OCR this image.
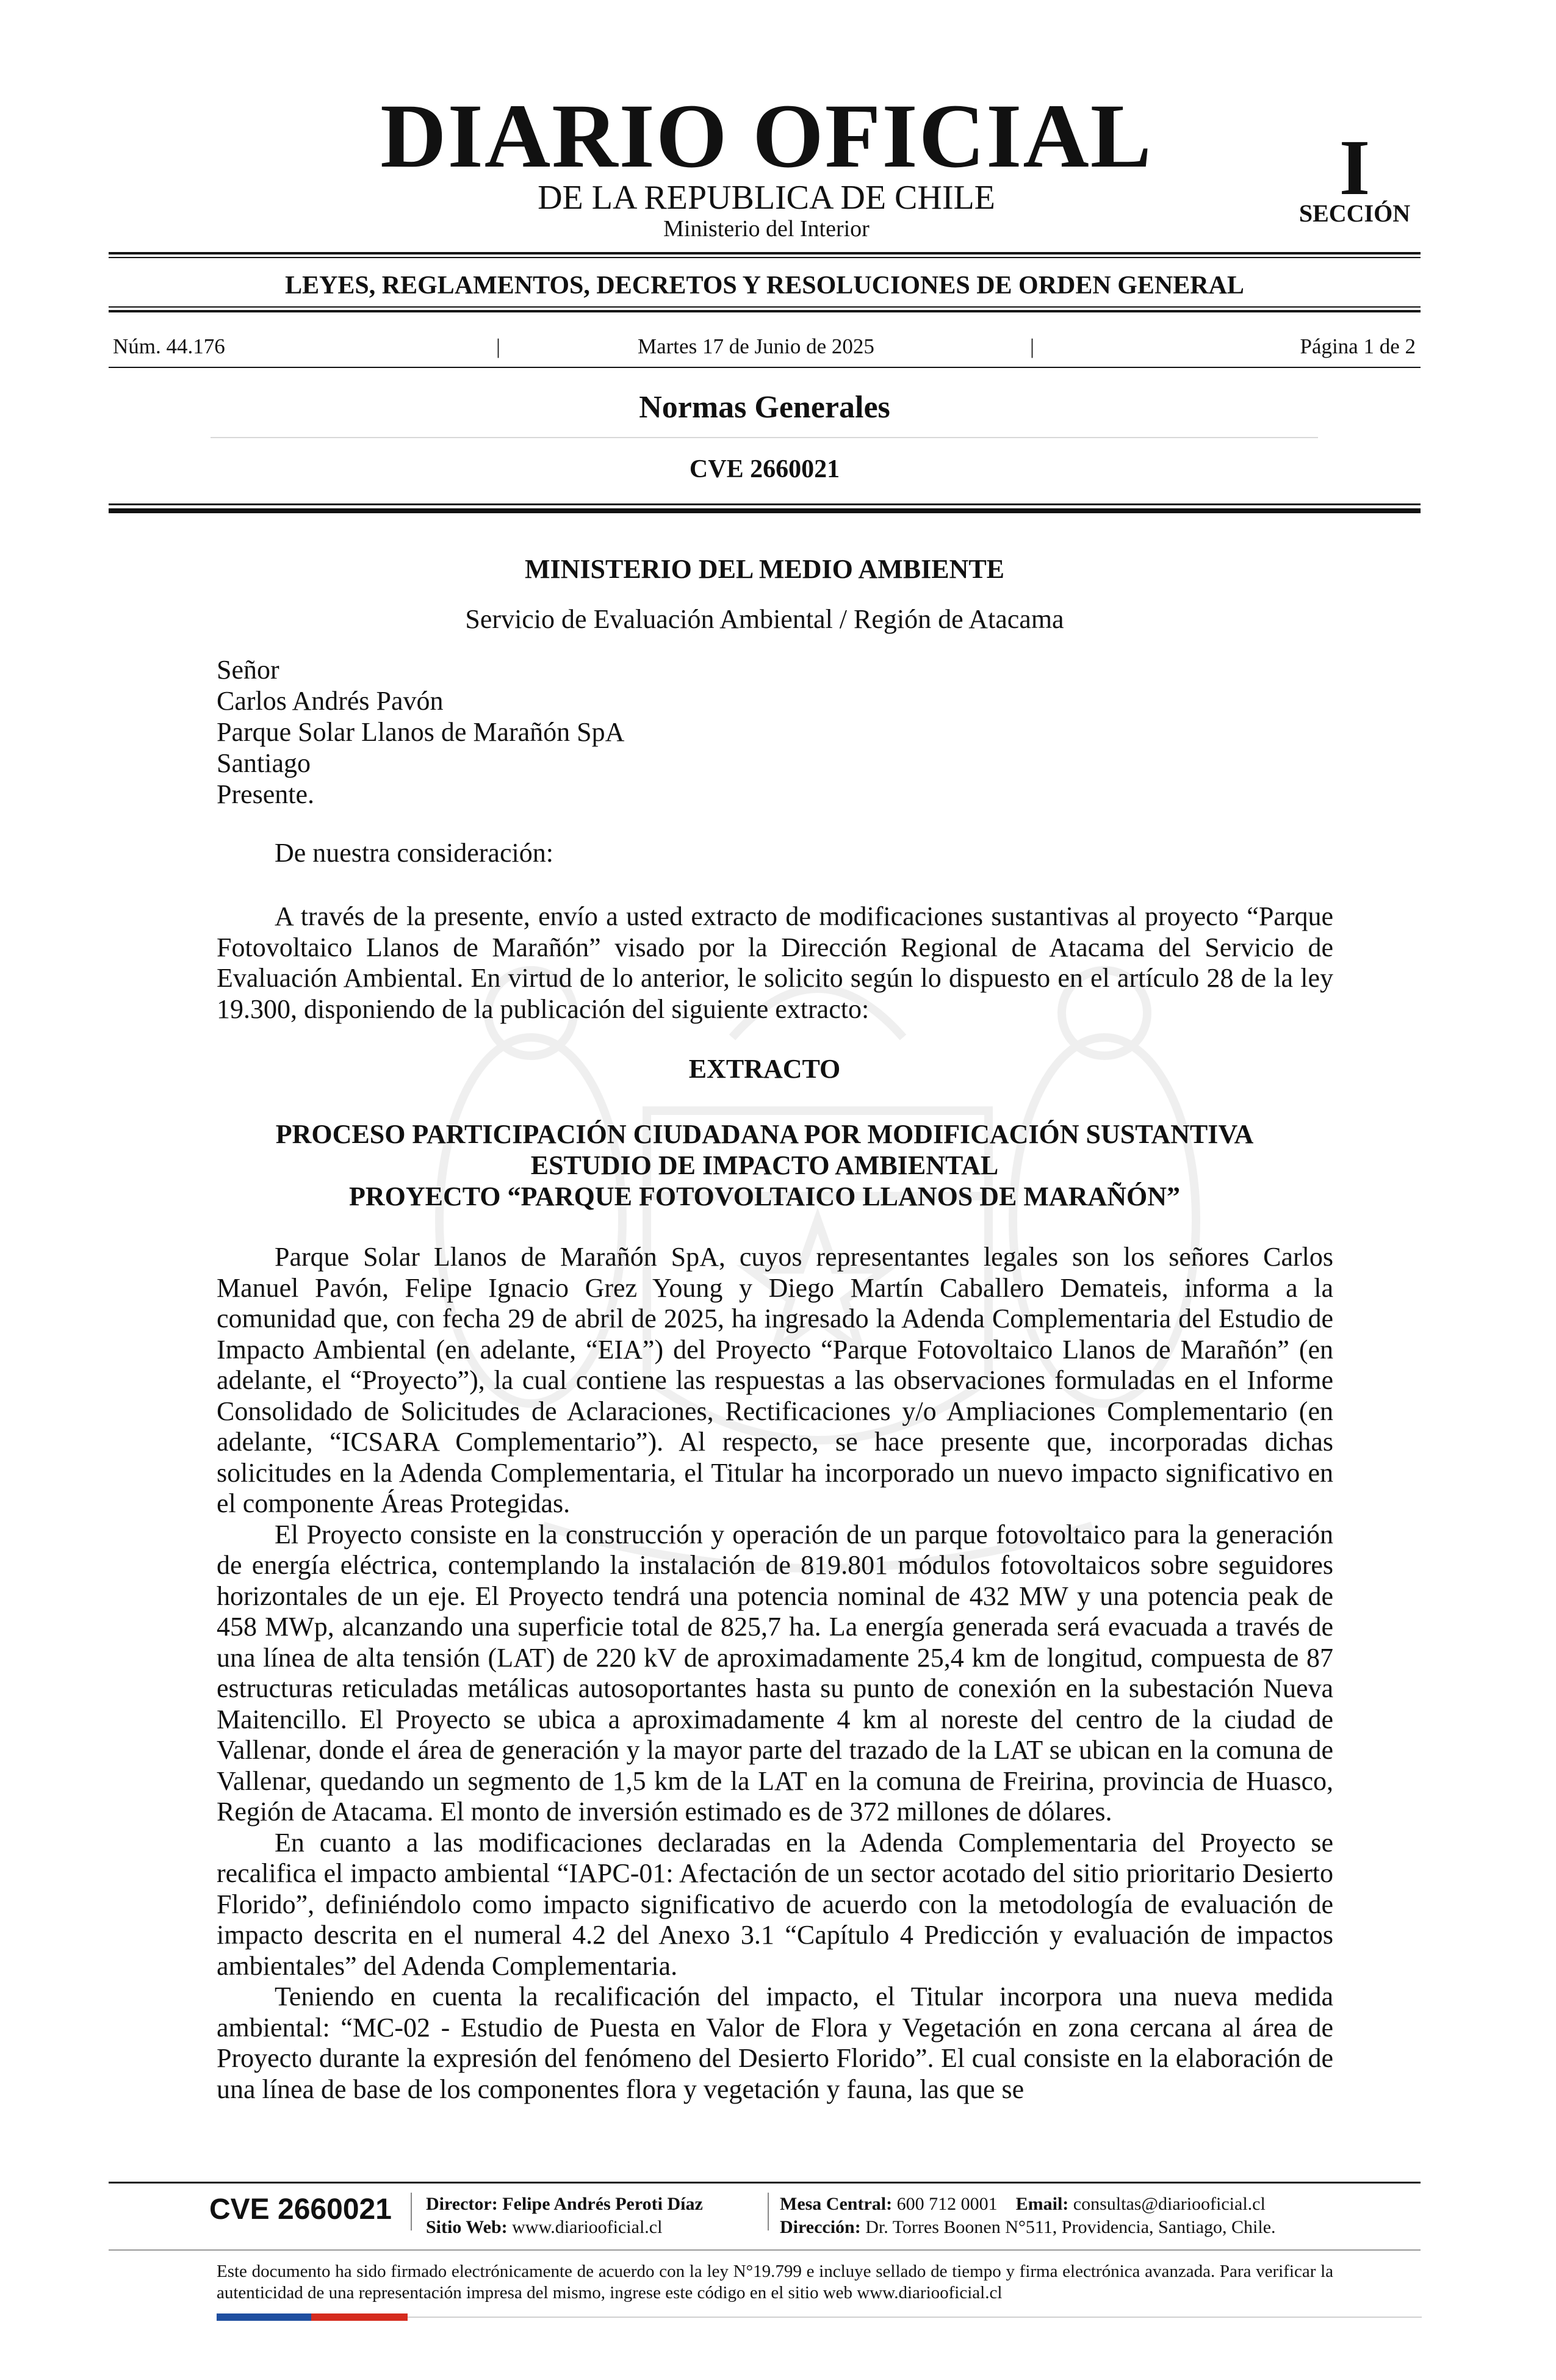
DIARIO OFICIAL
DE LA REPUBLICA DE CHILE
Ministerio del Interior
I
SECCIÓN
LEYES, REGLAMENTOS, DECRETOS Y RESOLUCIONES DE ORDEN GENERAL
Núm. 44.176	|	Martes 17 de Junio de 2025	|	Página 1 de 2
Normas Generales
CVE 2660021
MINISTERIO DEL MEDIO AMBIENTE
Servicio de Evaluación Ambiental / Región de Atacama
Señor
Carlos Andrés Pavón
Parque Solar Llanos de Marañón SpA
Santiago
Presente.
De nuestra consideración:

A través de la presente, envío a usted extracto de modificaciones sustantivas al proyecto “Parque Fotovoltaico Llanos de Marañón” visado por la Dirección Regional de Atacama del Servicio de Evaluación Ambiental. En virtud de lo anterior, le solicito según lo dispuesto en el artículo 28 de la ley 19.300, disponiendo de la publicación del siguiente extracto:

EXTRACTO
PROCESO PARTICIPACIÓN CIUDADANA POR MODIFICACIÓN SUSTANTIVA
ESTUDIO DE IMPACTO AMBIENTAL
PROYECTO “PARQUE FOTOVOLTAICO LLANOS DE MARAÑÓN”

Parque Solar Llanos de Marañón SpA, cuyos representantes legales son los señores Carlos Manuel Pavón, Felipe Ignacio Grez Young y Diego Martín Caballero Demateis, informa a la comunidad que, con fecha 29 de abril de 2025, ha ingresado la Adenda Complementaria del Estudio de Impacto Ambiental (en adelante, “EIA”) del Proyecto “Parque Fotovoltaico Llanos de Marañón” (en adelante, el “Proyecto”), la cual contiene las respuestas a las observaciones formuladas en el Informe Consolidado de Solicitudes de Aclaraciones, Rectificaciones y/o Ampliaciones Complementario (en adelante, “ICSARA Complementario”). Al respecto, se hace presente que, incorporadas dichas solicitudes en la Adenda Complementaria, el Titular ha incorporado un nuevo impacto significativo en el componente Áreas Protegidas.

El Proyecto consiste en la construcción y operación de un parque fotovoltaico para la generación de energía eléctrica, contemplando la instalación de 819.801 módulos fotovoltaicos sobre seguidores horizontales de un eje. El Proyecto tendrá una potencia nominal de 432 MW y una potencia peak de 458 MWp, alcanzando una superficie total de 825,7 ha. La energía generada será evacuada a través de una línea de alta tensión (LAT) de 220 kV de aproximadamente 25,4 km de longitud, compuesta de 87 estructuras reticuladas metálicas autosoportantes hasta su punto de conexión en la subestación Nueva Maitencillo. El Proyecto se ubica a aproximadamente 4 km al noreste del centro de la ciudad de Vallenar, donde el área de generación y la mayor parte del trazado de la LAT se ubican en la comuna de Vallenar, quedando un segmento de 1,5 km de la LAT en la comuna de Freirina, provincia de Huasco, Región de Atacama. El monto de inversión estimado es de 372 millones de dólares.

En cuanto a las modificaciones declaradas en la Adenda Complementaria del Proyecto se recalifica el impacto ambiental “IAPC-01: Afectación de un sector acotado del sitio prioritario Desierto Florido”, definiéndolo como impacto significativo de acuerdo con la metodología de evaluación de impacto descrita en el numeral 4.2 del Anexo 3.1 “Capítulo 4 Predicción y evaluación de impactos ambientales” del Adenda Complementaria.

Teniendo en cuenta la recalificación del impacto, el Titular incorpora una nueva medida ambiental: “MC-02 - Estudio de Puesta en Valor de Flora y Vegetación en zona cercana al área de Proyecto durante la expresión del fenómeno del Desierto Florido”. El cual consiste en la elaboración de una línea de base de los componentes flora y vegetación y fauna, las que se

CVE 2660021 Director: Felipe Andrés Peroti Díaz
Sitio Web: www.diariooficial.cl
Mesa Central: 600 712 0001 Email: consultas@diariooficial.cl
Dirección: Dr. Torres Boonen N°511, Providencia, Santiago, Chile.
Este documento ha sido firmado electrónicamente de acuerdo con la ley N°19.799 e incluye sellado de tiempo y firma electrónica avanzada. Para verificar la autenticidad de una representación impresa del mismo, ingrese este código en el sitio web www.diariooficial.cl
